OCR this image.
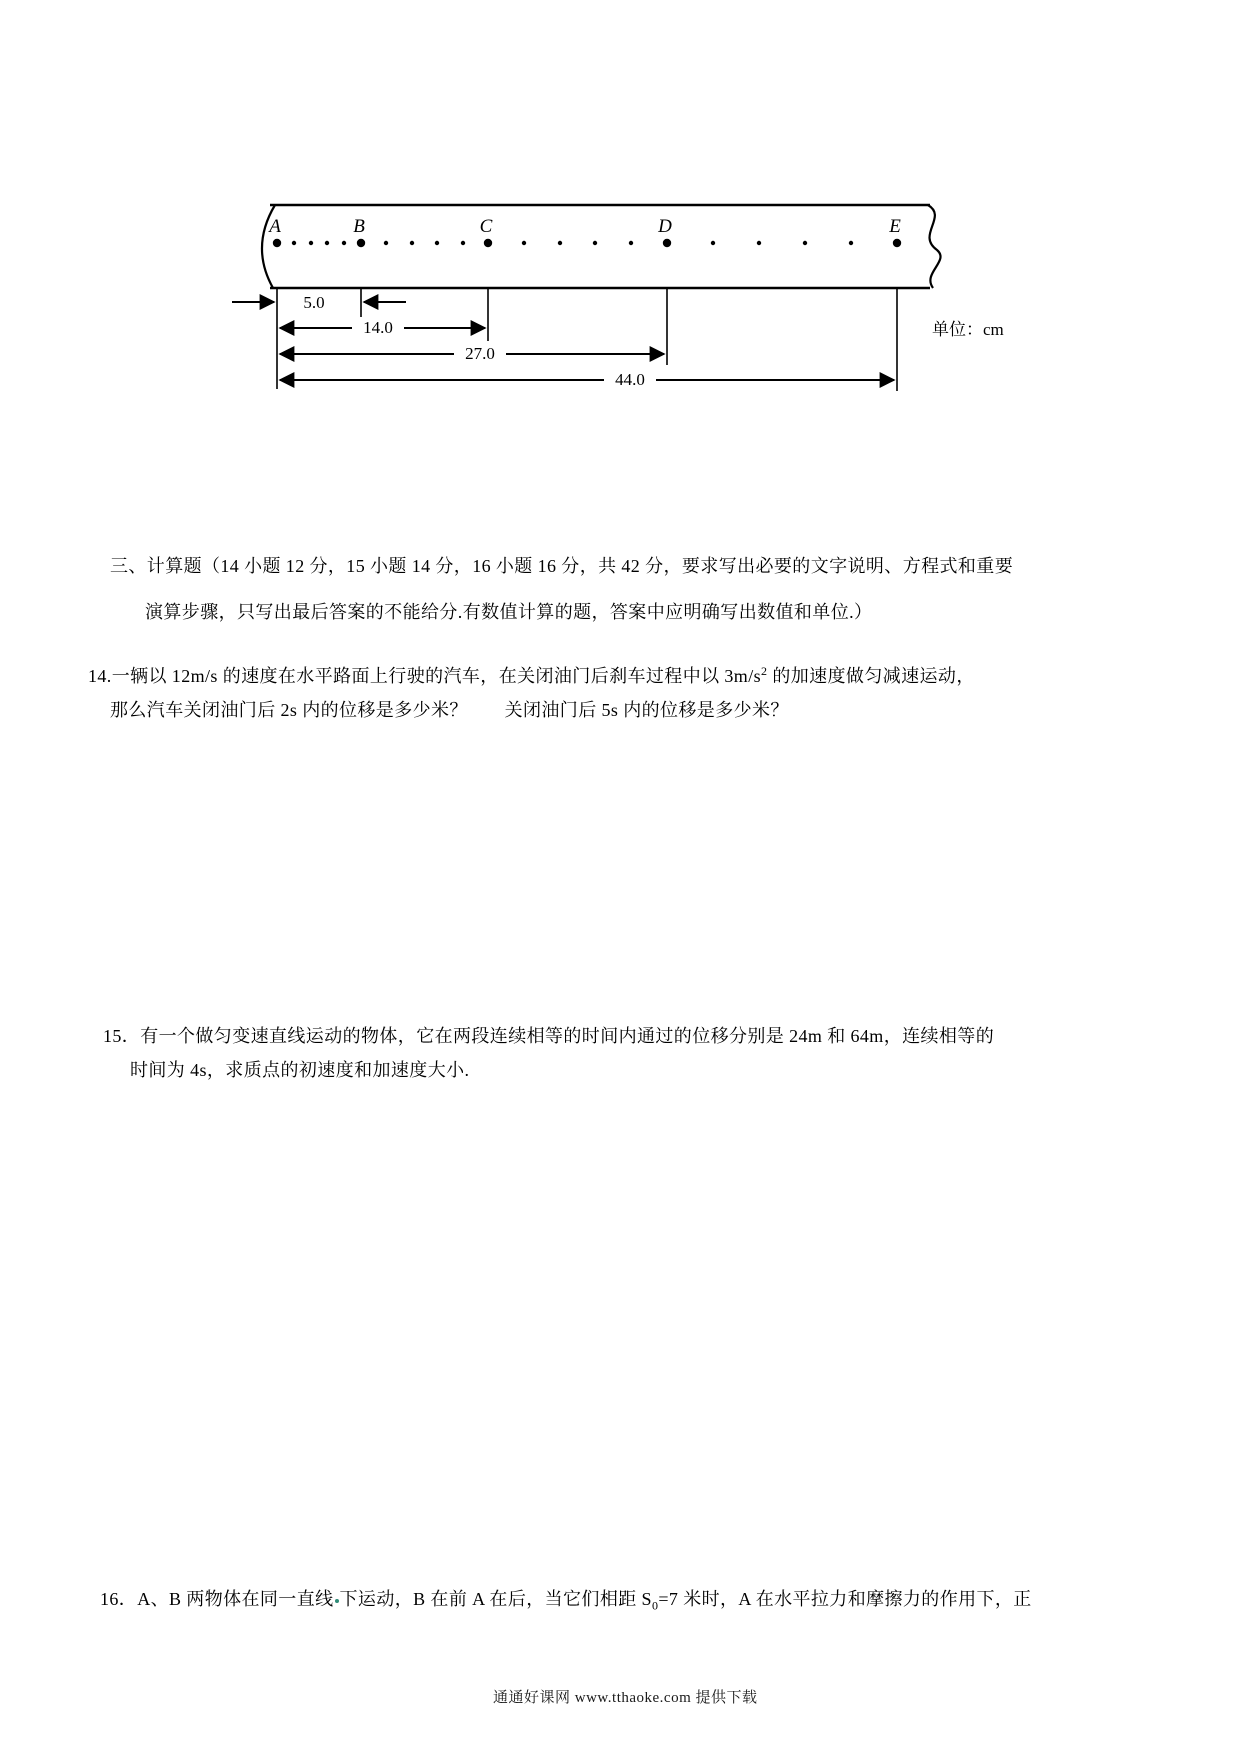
A	B	C	D	E
5.0
14.0
27.0
44.0
单位：cm
三、计算题（14 小题 12 分，15 小题 14 分，16 小题 16 分，共 42 分，要求写出必要的文字说明、方程式和重要
演算步骤，只写出最后答案的不能给分.有数值计算的题，答案中应明确写出数值和单位.）
14.一辆以 12m/s 的速度在水平路面上行驶的汽车，在关闭油门后刹车过程中以 $3m/s^2$ 的加速度做匀减速运动，
那么汽车关闭油门后 2s 内的位移是多少米？　　关闭油门后 5s 内的位移是多少米？
15．有一个做匀变速直线运动的物体，它在两段连续相等的时间内通过的位移分别是 24m 和 64m，连续相等的
时间为 4s，求质点的初速度和加速度大小.
16．A、B 两物体在同一直线 下运动，B 在前 A 在后，当它们相距 $S_0=7$ 米时，A 在水平拉力和摩擦力的作用下，正
通通好课网 www.tthaoke.com 提供下载
